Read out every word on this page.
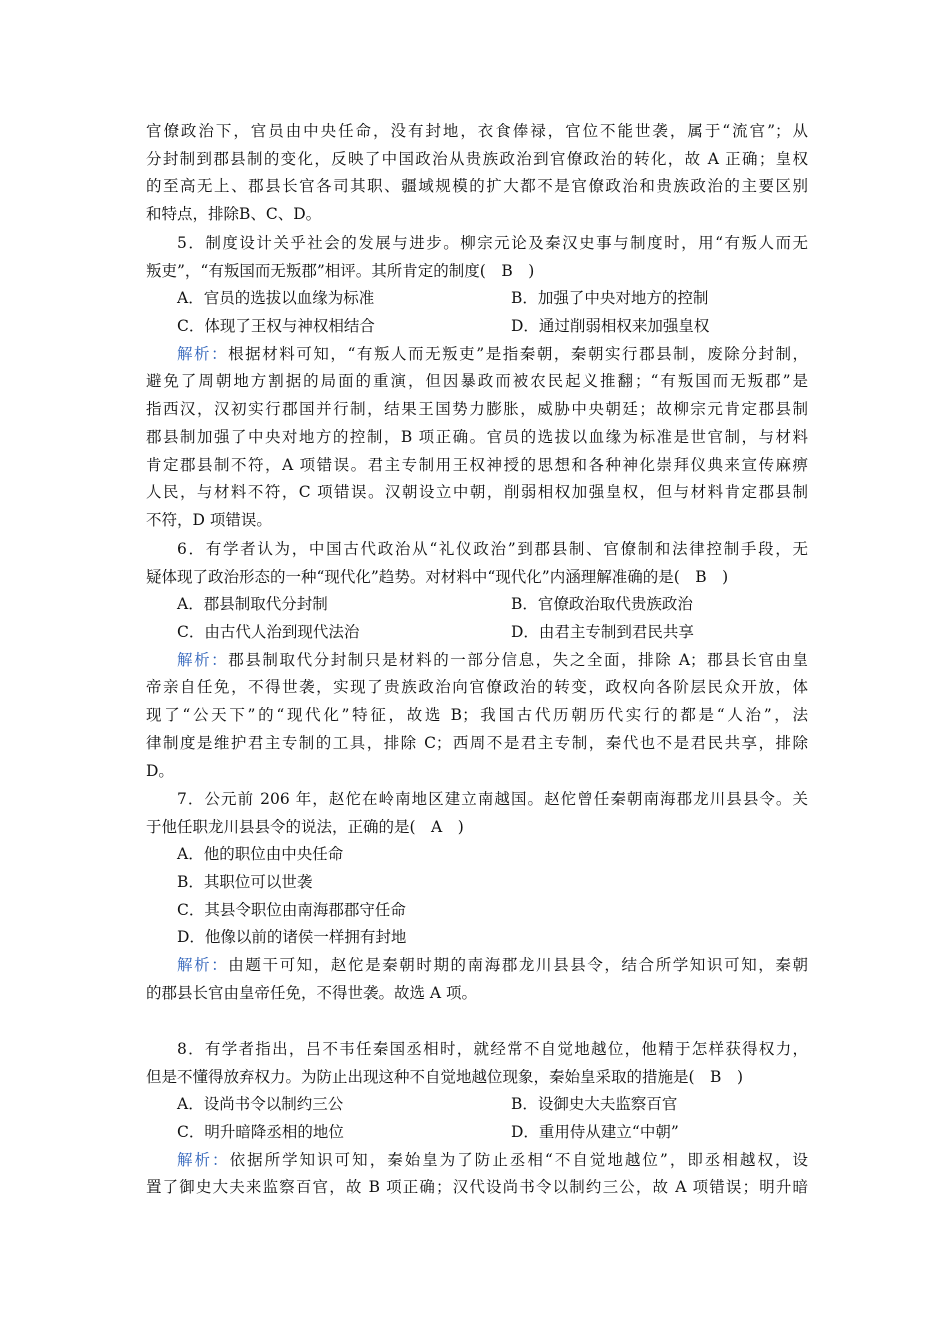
官僚政治下，官员由中央任命，没有封地，衣食俸禄，官位不能世袭，属于“流官”；从
分封制到郡县制的变化，反映了中国政治从贵族政治到官僚政治的转化，故 A 正确；皇权
的至高无上、郡县长官各司其职、疆域规模的扩大都不是官僚政治和贵族政治的主要区别
和特点，排除B、C、D。
5．制度设计关乎社会的发展与进步。柳宗元论及秦汉史事与制度时，用“有叛人而无
叛吏”，“有叛国而无叛郡”相评。其所肯定的制度(　B　)
A．官员的选拔以血缘为标准	B．加强了中央对地方的控制
C．体现了王权与神权相结合	D．通过削弱相权来加强皇权
解析：根据材料可知，“有叛人而无叛吏”是指秦朝，秦朝实行郡县制，废除分封制，
避免了周朝地方割据的局面的重演，但因暴政而被农民起义推翻；“有叛国而无叛郡”是
指西汉，汉初实行郡国并行制，结果王国势力膨胀，威胁中央朝廷；故柳宗元肯定郡县制
郡县制加强了中央对地方的控制，B 项正确。官员的选拔以血缘为标准是世官制，与材料
肯定郡县制不符，A 项错误。君主专制用王权神授的思想和各种神化崇拜仪典来宣传麻痹
人民，与材料不符，C 项错误。汉朝设立中朝，削弱相权加强皇权，但与材料肯定郡县制
不符，D 项错误。
6．有学者认为，中国古代政治从“礼仪政治”到郡县制、官僚制和法律控制手段，无
疑体现了政治形态的一种“现代化”趋势。对材料中“现代化”内涵理解准确的是(　B　)
A．郡县制取代分封制	B．官僚政治取代贵族政治
C．由古代人治到现代法治	D．由君主专制到君民共享
解析：郡县制取代分封制只是材料的一部分信息，失之全面，排除 A；郡县长官由皇
帝亲自任免，不得世袭，实现了贵族政治向官僚政治的转变，政权向各阶层民众开放，体
现了“公天下”的“现代化”特征，故选 B；我国古代历朝历代实行的都是“人治”，法
律制度是维护君主专制的工具，排除 C；西周不是君主专制，秦代也不是君民共享，排除
D。
7．公元前 206 年，赵佗在岭南地区建立南越国。赵佗曾任秦朝南海郡龙川县县令。关
于他任职龙川县县令的说法，正确的是(　A　)
A．他的职位由中央任命
B．其职位可以世袭
C．其县令职位由南海郡郡守任命
D．他像以前的诸侯一样拥有封地
解析：由题干可知，赵佗是秦朝时期的南海郡龙川县县令，结合所学知识可知，秦朝
的郡县长官由皇帝任免，不得世袭。故选 A 项。
8．有学者指出，吕不韦任秦国丞相时，就经常不自觉地越位，他精于怎样获得权力，
但是不懂得放弃权力。为防止出现这种不自觉地越位现象，秦始皇采取的措施是(　B　)
A．设尚书令以制约三公	B．设御史大夫监察百官
C．明升暗降丞相的地位	D．重用侍从建立“中朝”
解析：依据所学知识可知，秦始皇为了防止丞相“不自觉地越位”，即丞相越权，设
置了御史大夫来监察百官，故 B 项正确；汉代设尚书令以制约三公，故 A 项错误；明升暗
